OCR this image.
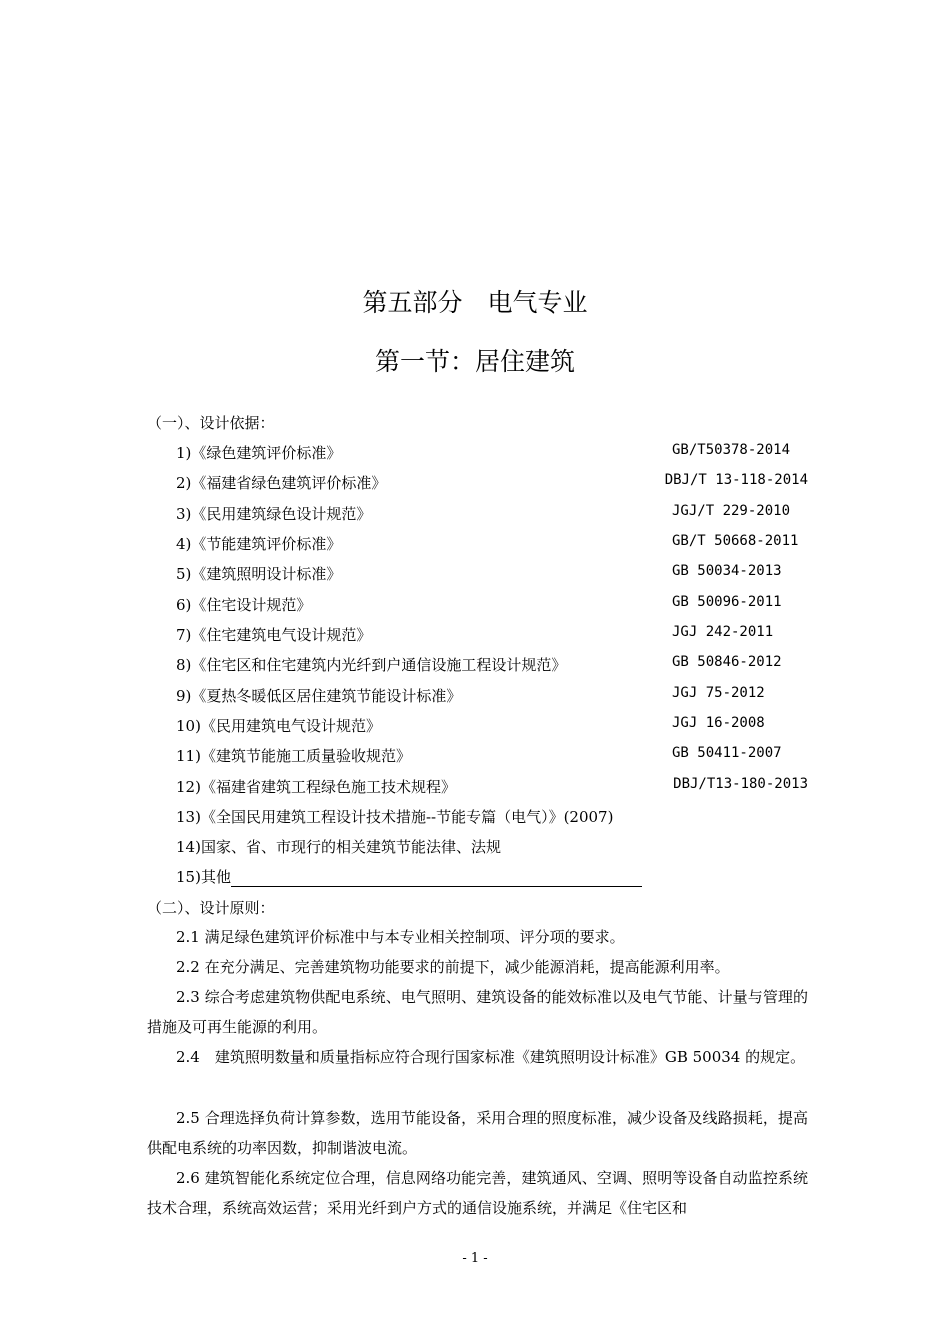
第五部分　电气专业
第一节：居住建筑
（一）、设计依据：
1)《绿色建筑评价标准》	GB/T50378-2014
2)《福建省绿色建筑评价标准》	DBJ/T 13-118-2014
3)《民用建筑绿色设计规范》	JGJ/T 229-2010
4)《节能建筑评价标准》	GB/T 50668-2011
5)《建筑照明设计标准》	GB 50034-2013
6)《住宅设计规范》	GB 50096-2011
7)《住宅建筑电气设计规范》	JGJ 242-2011
8)《住宅区和住宅建筑内光纤到户通信设施工程设计规范》	GB 50846-2012
9)《夏热冬暖低区居住建筑节能设计标准》	JGJ 75-2012
10)《民用建筑电气设计规范》	JGJ 16-2008
11)《建筑节能施工质量验收规范》	GB 50411-2007
12)《福建省建筑工程绿色施工技术规程》	DBJ/T13-180-2013
13)《全国民用建筑工程设计技术措施--节能专篇（电气）》(2007)
14)国家、省、市现行的相关建筑节能法律、法规
15)其他
（二）、设计原则：

2.1 满足绿色建筑评价标准中与本专业相关控制项、评分项的要求。

2.2 在充分满足、完善建筑物功能要求的前提下，减少能源消耗，提高能源利用率。

2.3 综合考虑建筑物供配电系统、电气照明、建筑设备的能效标准以及电气节能、计量与管理的措施及可再生能源的利用。

2.4　建筑照明数量和质量指标应符合现行国家标准《建筑照明设计标准》GB 50034 的规定。

2.5 合理选择负荷计算参数，选用节能设备，采用合理的照度标准，减少设备及线路损耗，提高供配电系统的功率因数，抑制谐波电流。

2.6 建筑智能化系统定位合理，信息网络功能完善，建筑通风、空调、照明等设备自动监控系统技术合理，系统高效运营；采用光纤到户方式的通信设施系统，并满足《住宅区和

- 1 -
